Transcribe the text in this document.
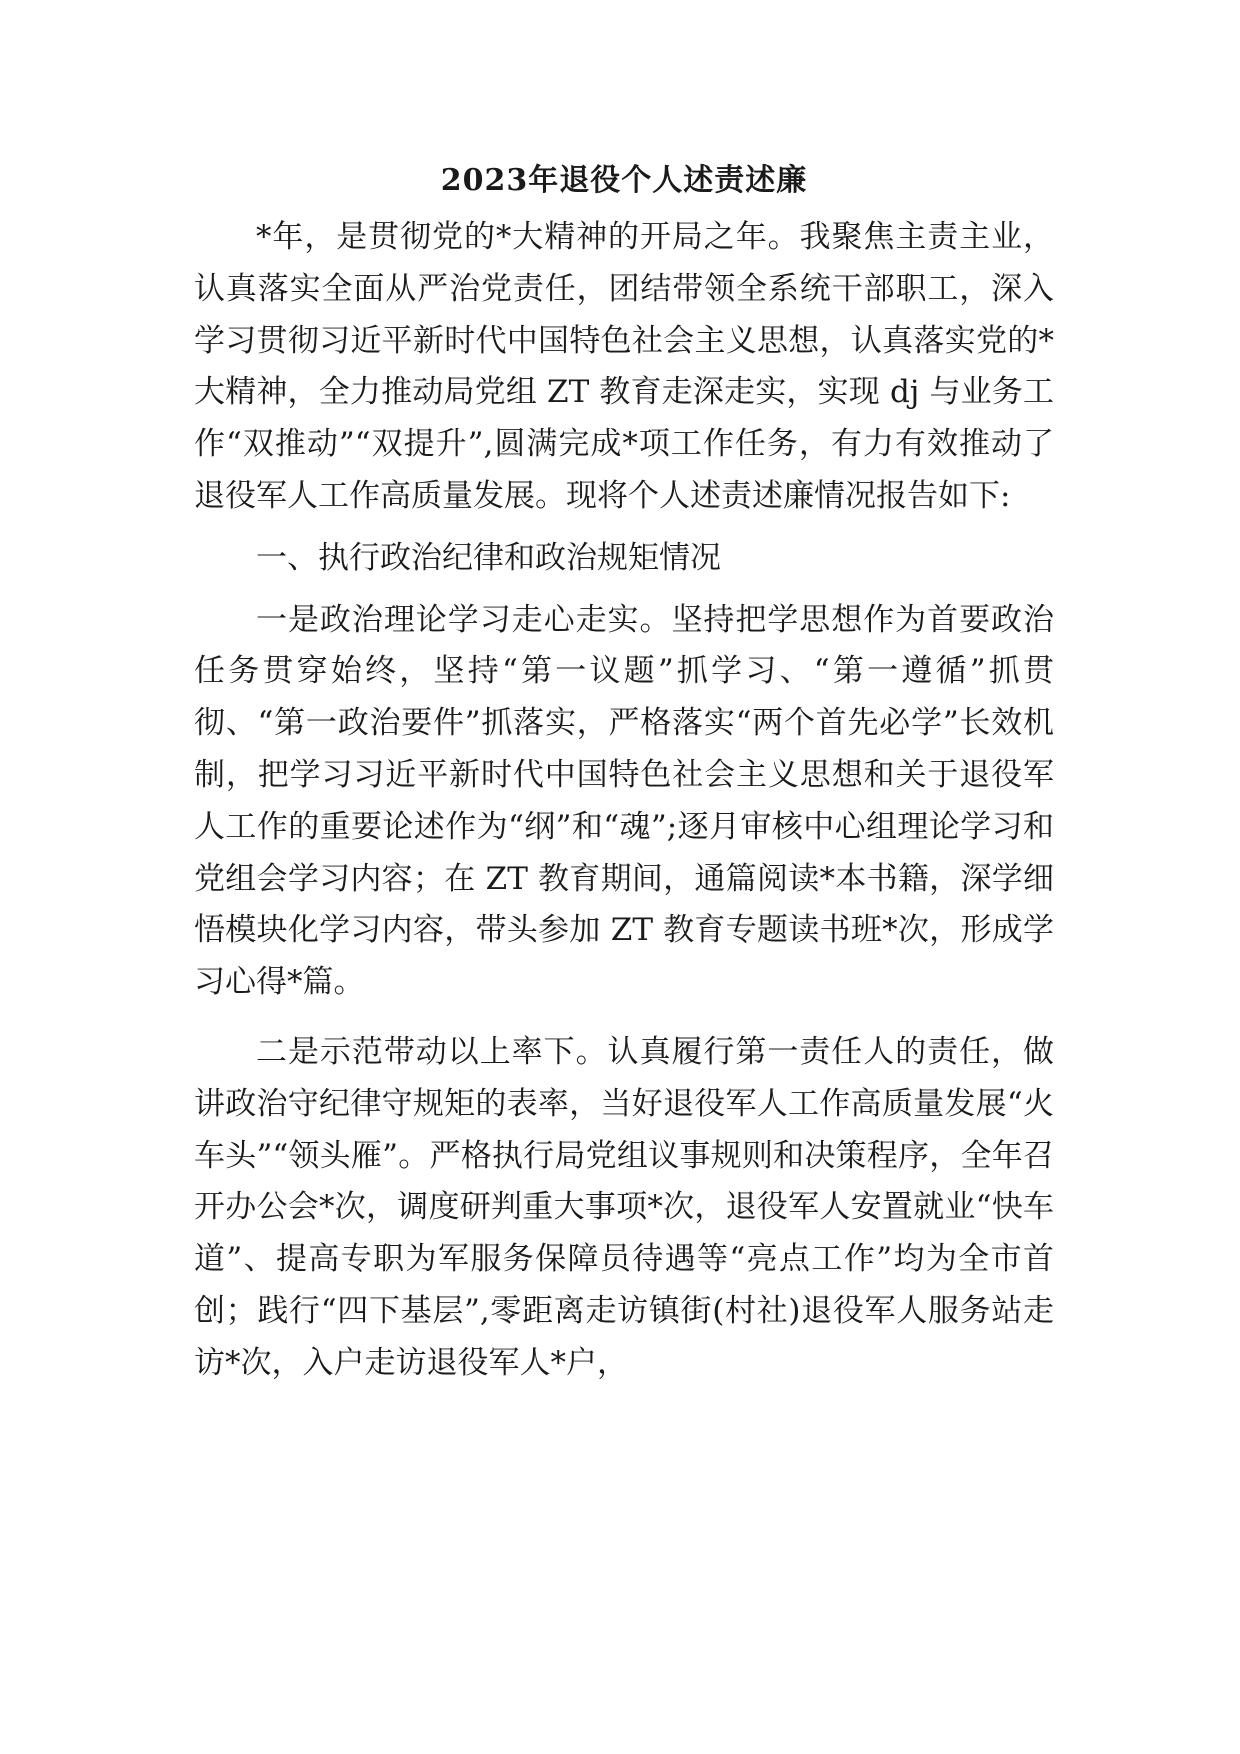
2023年退役个人述责述廉

*年，是贯彻党的*大精神的开局之年。我聚焦主责主业，认真落实全面从严治党责任，团结带领全系统干部职工，深入学习贯彻习近平新时代中国特色社会主义思想，认真落实党的*大精神，全力推动局党组 ZT 教育走深走实，实现 dj 与业务工作“双推动”“双提升”,圆满完成*项工作任务，有力有效推动了退役军人工作高质量发展。现将个人述责述廉情况报告如下:

一、执行政治纪律和政治规矩情况

一是政治理论学习走心走实。坚持把学思想作为首要政治任务贯穿始终，坚持“第一议题”抓学习、“第一遵循”抓贯彻、“第一政治要件”抓落实，严格落实“两个首先必学”长效机制，把学习习近平新时代中国特色社会主义思想和关于退役军人工作的重要论述作为“纲”和“魂”;逐月审核中心组理论学习和党组会学习内容；在 ZT 教育期间，通篇阅读*本书籍，深学细悟模块化学习内容，带头参加 ZT 教育专题读书班*次，形成学习心得*篇。

二是示范带动以上率下。认真履行第一责任人的责任，做讲政治守纪律守规矩的表率，当好退役军人工作高质量发展“火车头”“领头雁”。严格执行局党组议事规则和决策程序，全年召开办公会*次，调度研判重大事项*次，退役军人安置就业“快车道”、提高专职为军服务保障员待遇等“亮点工作”均为全市首创；践行“四下基层”,零距离走访镇街(村社)退役军人服务站走访*次，入户走访退役军人*户，
